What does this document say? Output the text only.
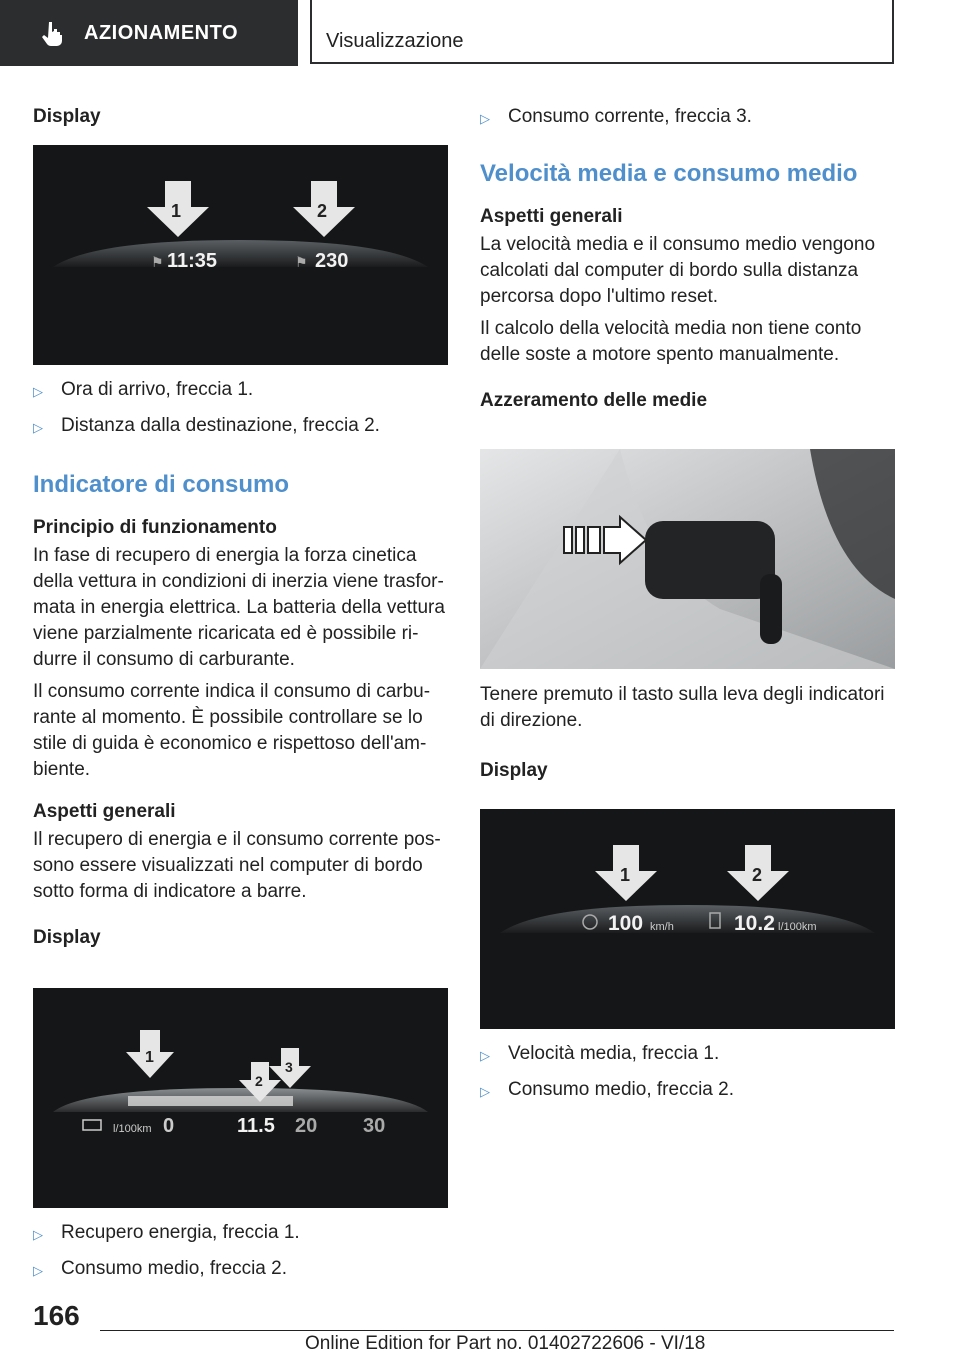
AZIONAMENTO	Visualizzazione

Display

1	2
⚑	⚑
11:35	230
▷ Ora di arrivo, freccia 1.
▷ Distanza dalla destinazione, freccia 2.

Indicatore di consumo

Principio di funzionamento

In fase di recupero di energia la forza cinetica della vettura in condizioni di inerzia viene trasformata in energia elettrica. La batteria della vettura viene parzialmente ricaricata ed è possibile ridurre il consumo di carburante.

Il consumo corrente indica il consumo di carburante al momento. È possibile controllare se lo stile di guida è economico e rispettoso dell'ambiente.

Aspetti generali

Il recupero di energia e il consumo corrente possono essere visualizzati nel computer di bordo sotto forma di indicatore a barre.

Display

1
2
3
l/100km 0	11.5 20 30
▷ Recupero energia, freccia 1.
▷ Consumo medio, freccia 2.
▷ Consumo corrente, freccia 3.

Velocità media e consumo medio

Aspetti generali

La velocità media e il consumo medio vengono calcolati dal computer di bordo sulla distanza percorsa dopo l'ultimo reset.

Il calcolo della velocità media non tiene conto delle soste a motore spento manualmente.

Azzeramento delle medie

Tenere premuto il tasto sulla leva degli indicatori di direzione.

Display

1	2
100 km/h	10.2 l/100km
▷ Velocità media, freccia 1.
▷ Consumo medio, freccia 2.
166
Online Edition for Part no. 01402722606 - VI/18
